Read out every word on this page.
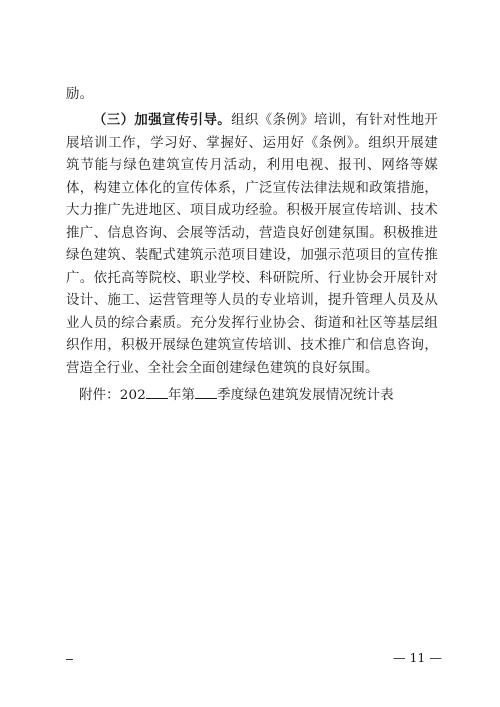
励。
（三）加强宣传引导。组织《条例》培训，有针对性地开展培训工作，学习好、掌握好、运用好《条例》。组织开展建筑节能与绿色建筑宣传月活动，利用电视、报刊、网络等媒体，构建立体化的宣传体系，广泛宣传法律法规和政策措施，大力推广先进地区、项目成功经验。积极开展宣传培训、技术推广、信息咨询、会展等活动，营造良好创建氛围。积极推进绿色建筑、装配式建筑示范项目建设，加强示范项目的宣传推广。依托高等院校、职业学校、科研院所、行业协会开展针对设计、施工、运营管理等人员的专业培训，提升管理人员及从业人员的综合素质。充分发挥行业协会、街道和社区等基层组织作用，积极开展绿色建筑宣传培训、技术推广和信息咨询，营造全行业、全社会全面创建绿色建筑的良好氛围。
附件：202 年第 季度绿色建筑发展情况统计表
— 11 —
